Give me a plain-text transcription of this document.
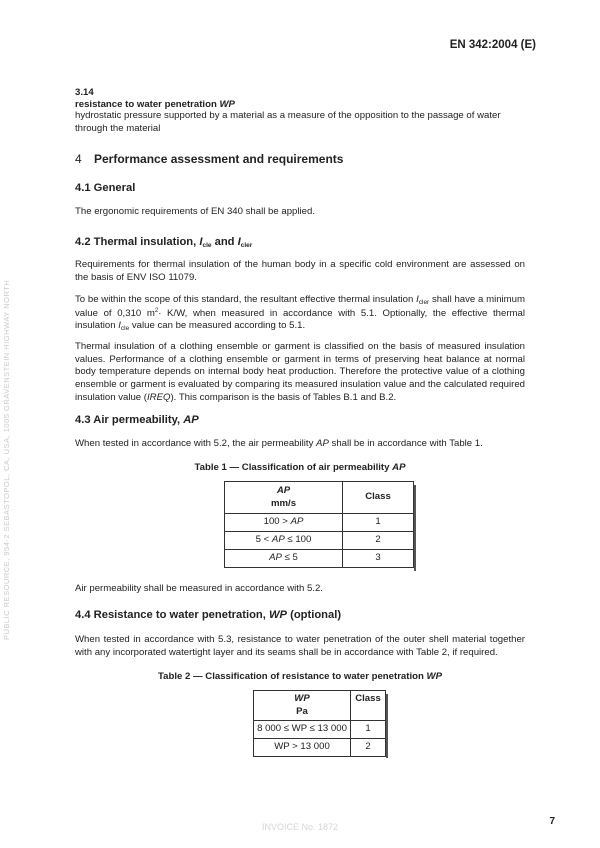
EN 342:2004 (E)
PUBLIC RESOURCE, 954-2 SEBASTOPOL, CA, USA, 1005 GRAVENSTEIN HIGHWAY NORTH
3.14
resistance to water penetration WP
hydrostatic pressure supported by a material as a measure of the opposition to the passage of water through the material
4 Performance assessment and requirements
4.1 General
The ergonomic requirements of EN 340 shall be applied.
4.2 Thermal insulation, $I_{cle}$ and $I_{cler}$
Requirements for thermal insulation of the human body in a specific cold environment are assessed on the basis of ENV ISO 11079.
To be within the scope of this standard, the resultant effective thermal insulation $I_{cler}$ shall have a minimum value of 0,310 $m^2\cdot K/W$, when measured in accordance with 5.1. Optionally, the effective thermal insulation $I_{cle}$ value can be measured according to 5.1.
Thermal insulation of a clothing ensemble or garment is classified on the basis of measured insulation values. Performance of a clothing ensemble or garment in terms of preserving heat balance at normal body temperature depends on internal body heat production. Therefore the protective value of a clothing ensemble or garment is evaluated by comparing its measured insulation value and the calculated required insulation value (IREQ). This comparison is the basis of Tables B.1 and B.2.
4.3 Air permeability, AP
When tested in accordance with 5.2, the air permeability AP shall be in accordance with Table 1.
Table 1 — Classification of air permeability AP
AP
mm/s	Class
100 > AP	1
5 < AP ≤ 100	2
AP ≤ 5	3
Air permeability shall be measured in accordance with 5.2.
4.4 Resistance to water penetration, WP (optional)
When tested in accordance with 5.3, resistance to water penetration of the outer shell material together with any incorporated watertight layer and its seams shall be in accordance with Table 2, if required.
Table 2 — Classification of resistance to water penetration WP
WP
Pa	Class
8 000 ≤ WP ≤ 13 000	1
WP > 13 000	2
INVOICE No. 1872	7
